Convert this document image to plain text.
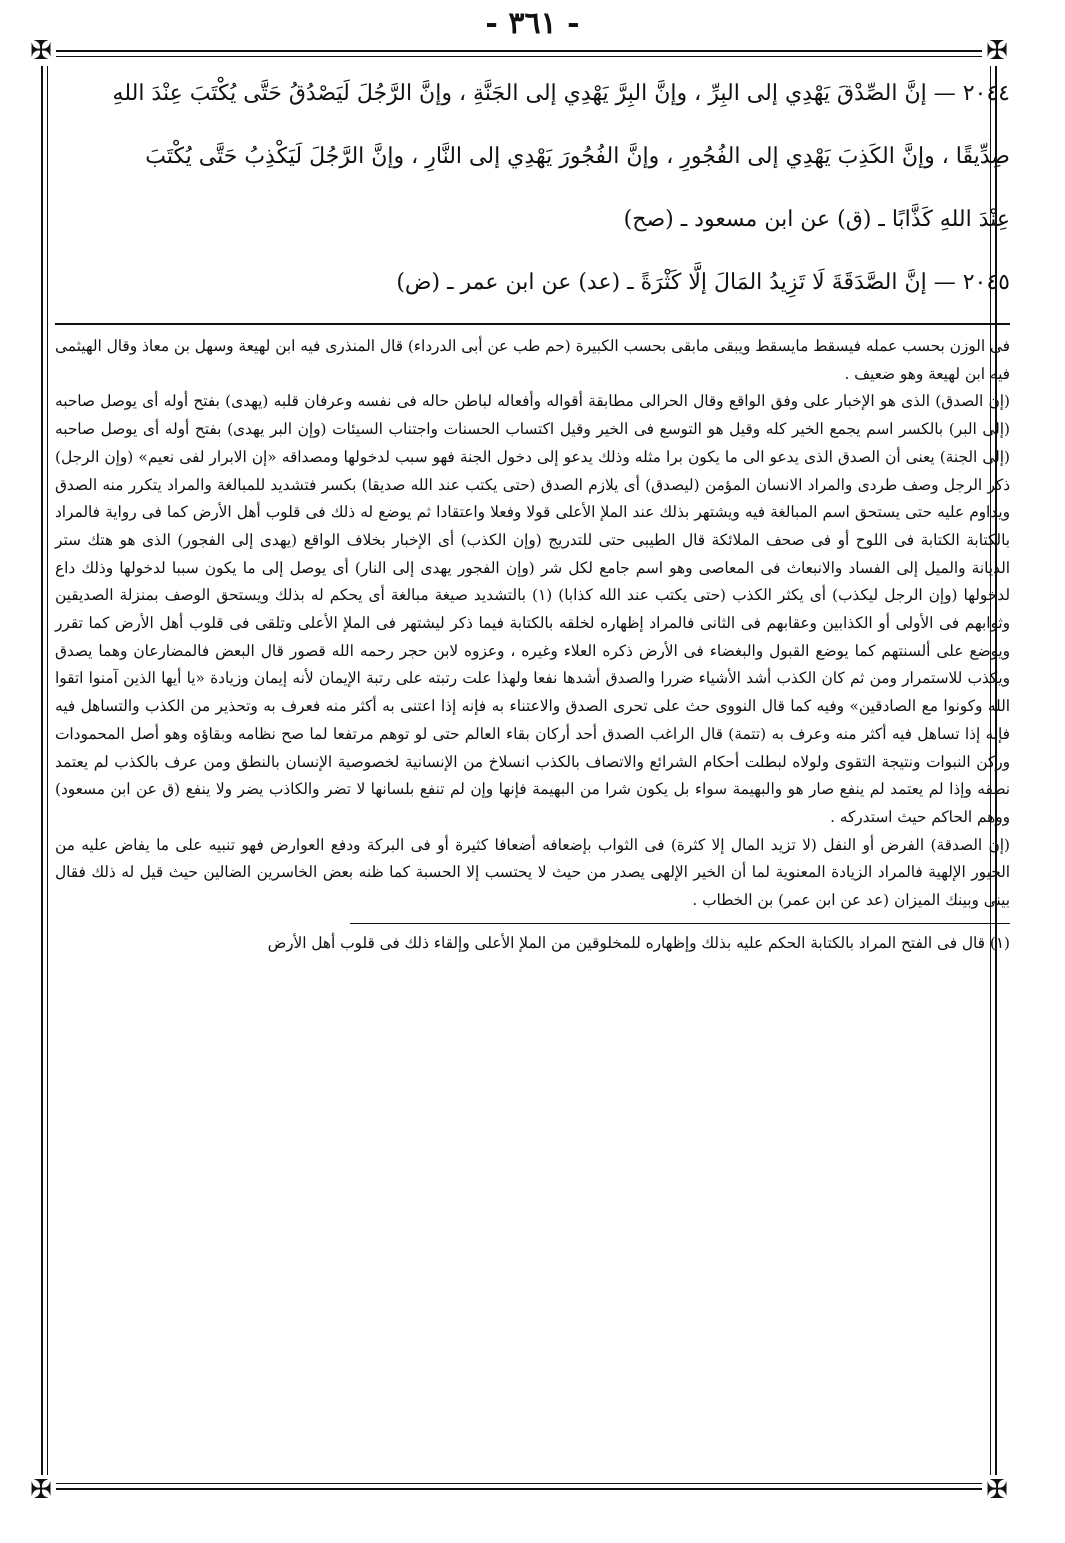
- ٣٦١ -
✠	✠
✠	✠

٢٠٤٤ — إنَّ الصِّدْقَ يَهْدِي إلى البِرِّ ، وإنَّ البِرَّ يَهْدِي إلى الجَنَّةِ ، وإنَّ الرَّجُلَ لَيَصْدُقُ حَتَّى يُكْتَبَ عِنْدَ اللهِ

صِدِّيقًا ، وإنَّ الكَذِبَ يَهْدِي إلى الفُجُورِ ، وإنَّ الفُجُورَ يَهْدِي إلى النَّارِ ، وإنَّ الرَّجُلَ لَيَكْذِبُ حَتَّى يُكْتَبَ

عِنْدَ اللهِ كَذَّابًا ـ (ق) عن ابن مسعود ـ (صح)

٢٠٤٥ — إنَّ الصَّدَقَةَ لَا تَزِيدُ المَالَ إلَّا كَثْرَةً ـ (عد) عن ابن عمر ـ (ض)

فى الوزن بحسب عمله فيسقط مايسقط ويبقى مابقى بحسب الكبيرة (حم طب عن أبى الدرداء) قال المنذرى فيه ابن لهيعة وسهل بن معاذ وقال الهيثمى فيه ابن لهيعة وهو ضعيف .

(إن الصدق) الذى هو الإخبار على وفق الواقع وقال الحرالى مطابقة أقواله وأفعاله لباطن حاله فى نفسه وعرفان قلبه (يهدى) بفتح أوله أى يوصل صاحبه (إلى البر) بالكسر اسم يجمع الخير كله وقيل هو التوسع فى الخير وقيل اكتساب الحسنات واجتناب السيئات (وإن البر يهدى) بفتح أوله أى يوصل صاحبه (إلى الجنة) يعنى أن الصدق الذى يدعو الى ما يكون برا مثله وذلك يدعو إلى دخول الجنة فهو سبب لدخولها ومصداقه «إن الابرار لفى نعيم» (وإن الرجل) ذكر الرجل وصف طردى والمراد الانسان المؤمن (ليصدق) أى يلازم الصدق (حتى يكتب عند الله صديقا) بكسر فتشديد للمبالغة والمراد يتكرر منه الصدق ويداوم عليه حتى يستحق اسم المبالغة فيه ويشتهر بذلك عند الملإ الأعلى قولا وفعلا واعتقادا ثم يوضع له ذلك فى قلوب أهل الأرض كما فى رواية فالمراد بالكتابة الكتابة فى اللوح أو فى صحف الملائكة قال الطيبى حتى للتدريج (وإن الكذب) أى الإخبار بخلاف الواقع (يهدى إلى الفجور) الذى هو هتك ستر الديانة والميل إلى الفساد والانبعاث فى المعاصى وهو اسم جامع لكل شر (وإن الفجور يهدى إلى النار) أى يوصل إلى ما يكون سببا لدخولها وذلك داع لدخولها (وإن الرجل ليكذب) أى يكثر الكذب (حتى يكتب عند الله كذابا) (١) بالتشديد صيغة مبالغة أى يحكم له بذلك ويستحق الوصف بمنزلة الصديقين وثوابهم فى الأولى أو الكذابين وعقابهم فى الثانى فالمراد إظهاره لخلقه بالكتابة فيما ذكر ليشتهر فى الملإ الأعلى وتلقى فى قلوب أهل الأرض كما تقرر ويوضع على ألسنتهم كما يوضع القبول والبغضاء فى الأرض ذكره العلاء وغيره ، وعزوه لابن حجر رحمه الله قصور قال البعض فالمضارعان وهما يصدق ويكذب للاستمرار ومن ثم كان الكذب أشد الأشياء ضررا والصدق أشدها نفعا ولهذا علت رتبته على رتبة الإيمان لأنه إيمان وزيادة «يا أيها الذين آمنوا اتقوا الله وكونوا مع الصادقين» وفيه كما قال النووى حث على تحرى الصدق والاعتناء به فإنه إذا اعتنى به أكثر منه فعرف به وتحذير من الكذب والتساهل فيه فإنه إذا تساهل فيه أكثر منه وعرف به (تتمة) قال الراغب الصدق أحد أركان بقاء العالم حتى لو توهم مرتفعا لما صح نظامه وبقاؤه وهو أصل المحمودات وركن النبوات ونتيجة التقوى ولولاه لبطلت أحكام الشرائع والاتصاف بالكذب انسلاخ من الإنسانية لخصوصية الإنسان بالنطق ومن عرف بالكذب لم يعتمد نطقه وإذا لم يعتمد لم ينفع صار هو والبهيمة سواء بل يكون شرا من البهيمة فإنها وإن لم تنفع بلسانها لا تضر والكاذب يضر ولا ينفع (ق عن ابن مسعود) ووهم الحاكم حيث استدركه .

(إن الصدقة) الفرض أو النفل (لا تزيد المال إلا كثرة) فى الثواب بإضعافه أضعافا كثيرة أو فى البركة ودفع العوارض فهو تنبيه على ما يفاض عليه من الخيور الإلهية فالمراد الزيادة المعنوية لما أن الخير الإلهى يصدر من حيث لا يحتسب إلا الحسبة كما ظنه بعض الخاسرين الضالين حيث قيل له ذلك فقال بينى وبينك الميزان (عد عن ابن عمر) بن الخطاب .

(١) قال فى الفتح المراد بالكتابة الحكم عليه بذلك وإظهاره للمخلوقين من الملإ الأعلى وإلقاء ذلك فى قلوب أهل الأرض
